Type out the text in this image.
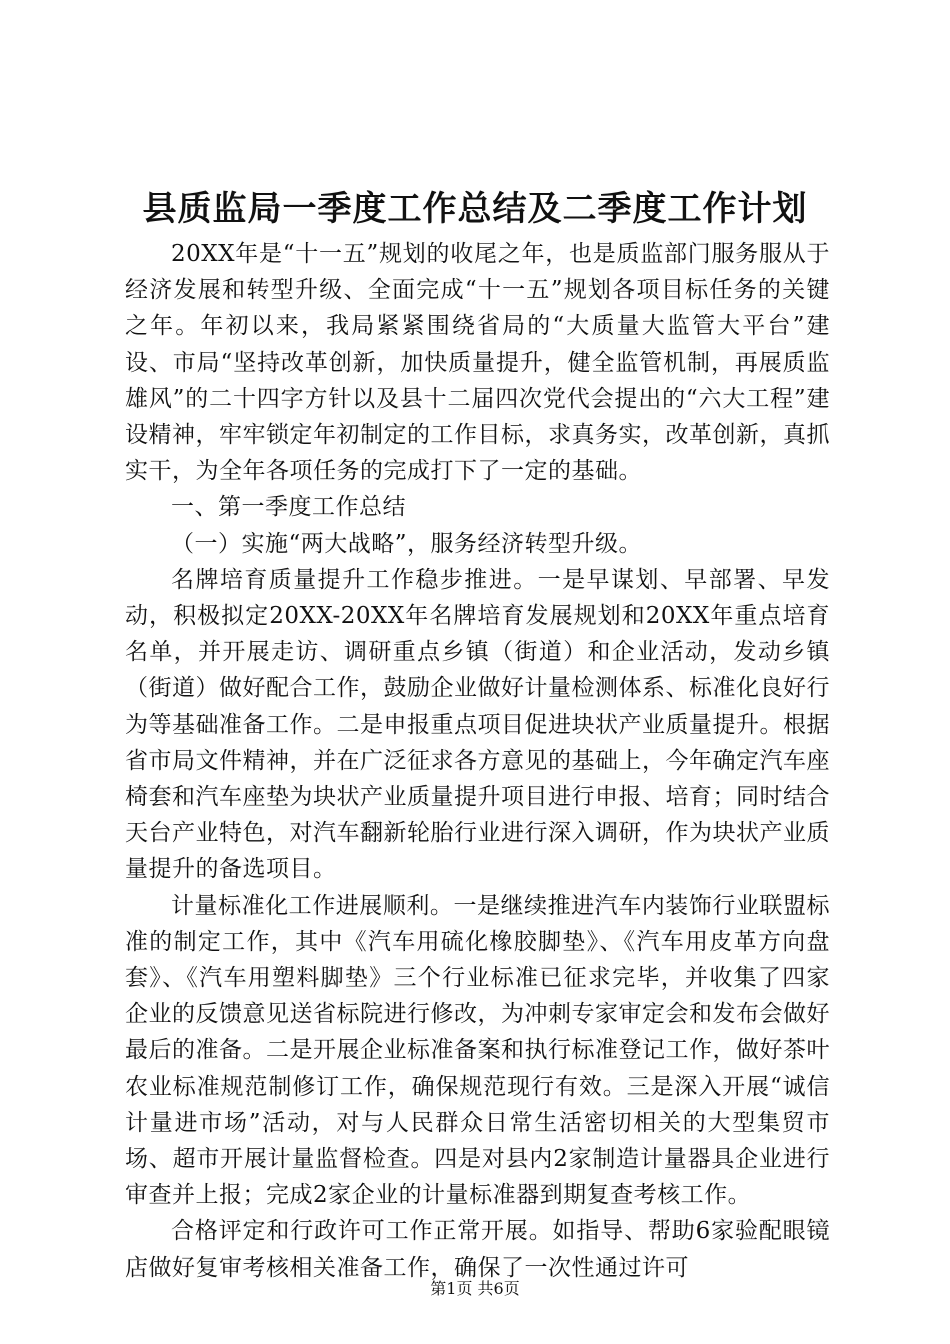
县质监局一季度工作总结及二季度工作计划

20XX年是“十一五”规划的收尾之年，也是质监部门服务服从于经济发展和转型升级、全面完成“十一五”规划各项目标任务的关键之年。年初以来，我局紧紧围绕省局的“大质量大监管大平台”建设、市局“坚持改革创新，加快质量提升，健全监管机制，再展质监雄风”的二十四字方针以及县十二届四次党代会提出的“六大工程”建设精神，牢牢锁定年初制定的工作目标，求真务实，改革创新，真抓实干，为全年各项任务的完成打下了一定的基础。

一、第一季度工作总结

（一）实施“两大战略”，服务经济转型升级。

名牌培育质量提升工作稳步推进。一是早谋划、早部署、早发动，积极拟定20XX-20XX年名牌培育发展规划和20XX年重点培育名单，并开展走访、调研重点乡镇（街道）和企业活动，发动乡镇（街道）做好配合工作，鼓励企业做好计量检测体系、标准化良好行为等基础准备工作。二是申报重点项目促进块状产业质量提升。根据省市局文件精神，并在广泛征求各方意见的基础上，今年确定汽车座椅套和汽车座垫为块状产业质量提升项目进行申报、培育；同时结合天台产业特色，对汽车翻新轮胎行业进行深入调研，作为块状产业质量提升的备选项目。

计量标准化工作进展顺利。一是继续推进汽车内装饰行业联盟标准的制定工作，其中《汽车用硫化橡胶脚垫》、《汽车用皮革方向盘套》、《汽车用塑料脚垫》三个行业标准已征求完毕，并收集了四家企业的反馈意见送省标院进行修改，为冲刺专家审定会和发布会做好最后的准备。二是开展企业标准备案和执行标准登记工作，做好茶叶农业标准规范制修订工作，确保规范现行有效。三是深入开展“诚信计量进市场”活动，对与人民群众日常生活密切相关的大型集贸市场、超市开展计量监督检查。四是对县内2家制造计量器具企业进行审查并上报；完成2家企业的计量标准器到期复查考核工作。

合格评定和行政许可工作正常开展。如指导、帮助6家验配眼镜店做好复审考核相关准备工作，确保了一次性通过许可

第1页 共6页
